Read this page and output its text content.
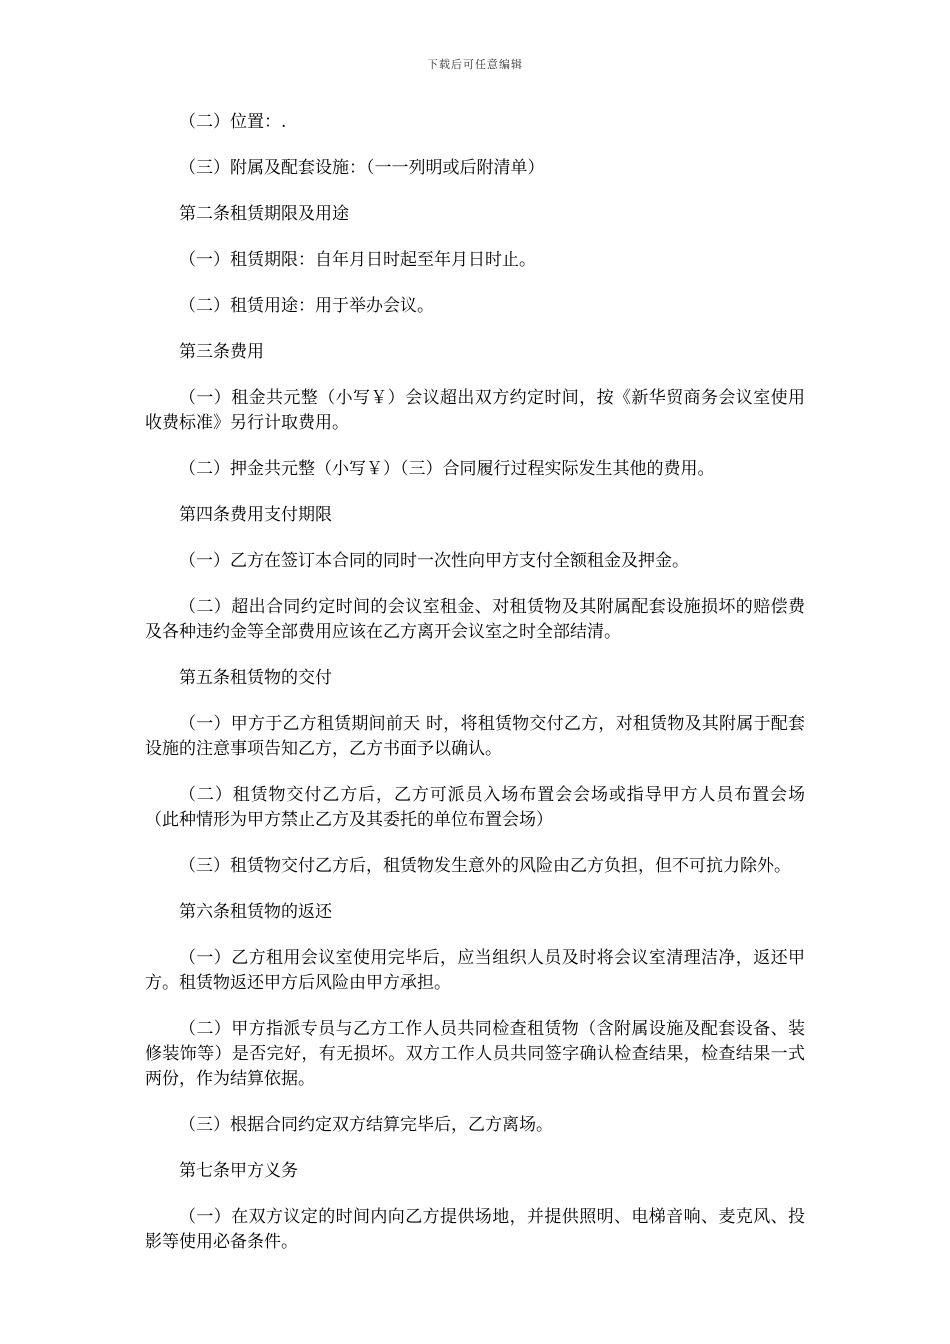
下载后可任意编辑

（二）位置：.

（三）附属及配套设施：（一一列明或后附清单）

第二条租赁期限及用途

（一）租赁期限：自年月日时起至年月日时止。

（二）租赁用途：用于举办会议。

第三条费用

（一）租金共元整（小写￥）会议超出双方约定时间，按《新华贸商务会议室使用收费标准》另行计取费用。

（二）押金共元整（小写￥）（三）合同履行过程实际发生其他的费用。

第四条费用支付期限

（一）乙方在签订本合同的同时一次性向甲方支付全额租金及押金。

（二）超出合同约定时间的会议室租金、对租赁物及其附属配套设施损坏的赔偿费及各种违约金等全部费用应该在乙方离开会议室之时全部结清。

第五条租赁物的交付

（一）甲方于乙方租赁期间前天 时，将租赁物交付乙方，对租赁物及其附属于配套设施的注意事项告知乙方，乙方书面予以确认。

（二）租赁物交付乙方后，乙方可派员入场布置会会场或指导甲方人员布置会场（此种情形为甲方禁止乙方及其委托的单位布置会场）

（三）租赁物交付乙方后，租赁物发生意外的风险由乙方负担，但不可抗力除外。

第六条租赁物的返还

（一）乙方租用会议室使用完毕后，应当组织人员及时将会议室清理洁净，返还甲方。租赁物返还甲方后风险由甲方承担。

（二）甲方指派专员与乙方工作人员共同检查租赁物（含附属设施及配套设备、装修装饰等）是否完好，有无损坏。双方工作人员共同签字确认检查结果，检查结果一式两份，作为结算依据。

（三）根据合同约定双方结算完毕后，乙方离场。

第七条甲方义务

（一）在双方议定的时间内向乙方提供场地，并提供照明、电梯音响、麦克风、投影等使用必备条件。
